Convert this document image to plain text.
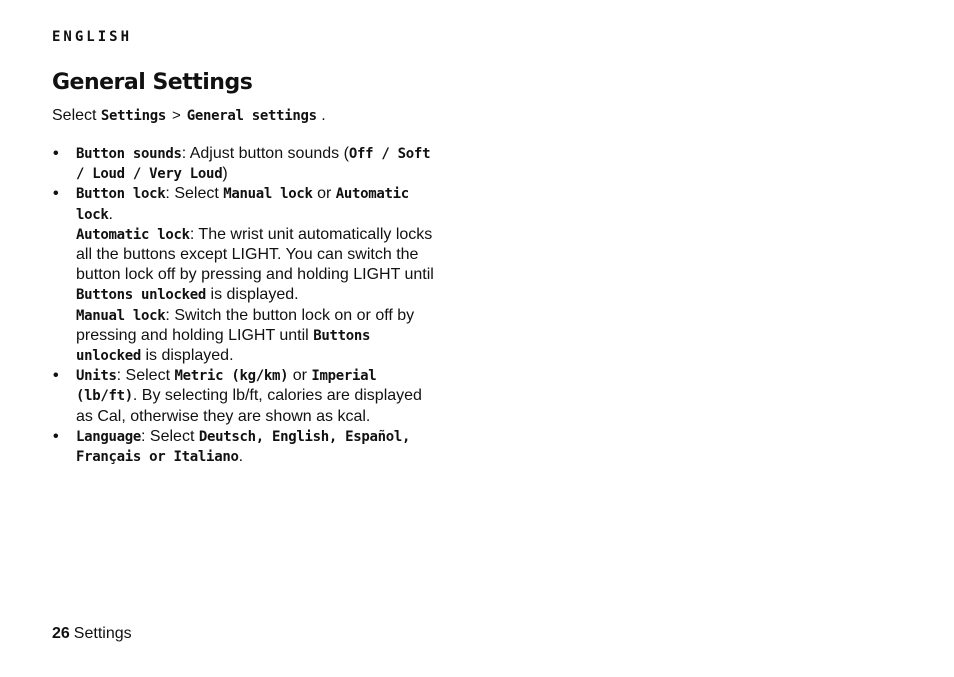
ENGLISH
General Settings

Select Settings > General settings .

• Button sounds: Adjust button sounds (Off / Soft / Loud / Very Loud)
• Button lock: Select Manual lock or Automatic lock.
Automatic lock: The wrist unit automatically locks all the buttons except LIGHT. You can switch the button lock off by pressing and holding LIGHT until Buttons unlocked is displayed.
Manual lock: Switch the button lock on or off by pressing and holding LIGHT until Buttons unlocked is displayed.
• Units: Select Metric (kg/km) or Imperial (lb/ft). By selecting lb/ft, calories are displayed as Cal, otherwise they are shown as kcal.
• Language: Select Deutsch, English, Español, Français or Italiano.
26 Settings
